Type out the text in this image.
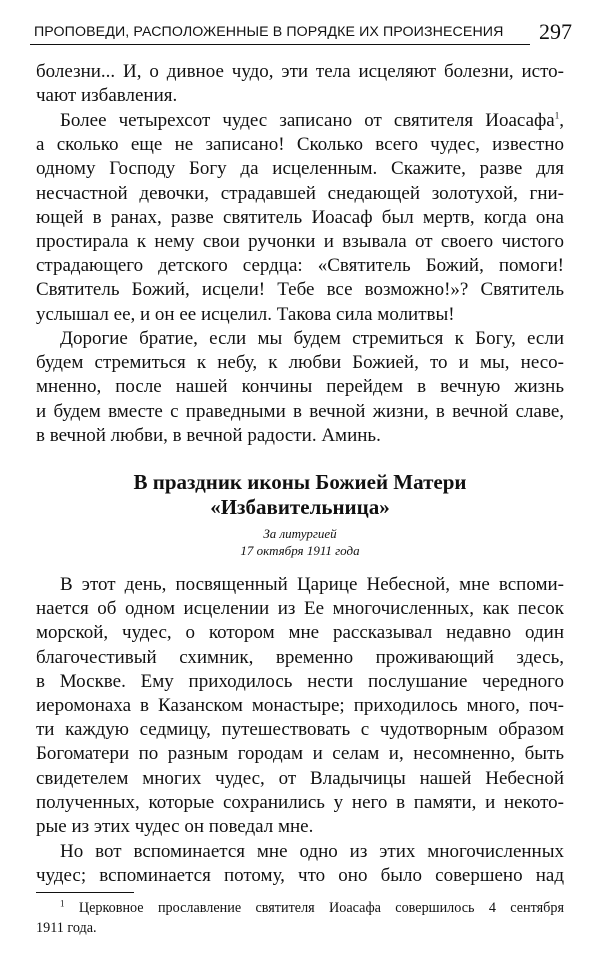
ПРОПОВЕДИ, РАСПОЛОЖЕННЫЕ В ПОРЯДКЕ ИХ ПРОИЗНЕСЕНИЯ 297
болезни... И, о дивное чудо, эти тела исцеляют болезни, исто-
чают избавления.
Более четырехсот чудес записано от святителя Иоасафа$^1$,
а сколько еще не записано! Сколько всего чудес, известно
одному Господу Богу да исцеленным. Скажите, разве для
несчастной девочки, страдавшей снедающей золотухой, гни-
ющей в ранах, разве святитель Иоасаф был мертв, когда она
простирала к нему свои ручонки и взывала от своего чистого
страдающего детского сердца: «Святитель Божий, помоги!
Святитель Божий, исцели! Тебе все возможно!»? Святитель
услышал ее, и он ее исцелил. Такова сила молитвы!
Дорогие братие, если мы будем стремиться к Богу, если
будем стремиться к небу, к любви Божией, то и мы, несо-
мненно, после нашей кончины перейдем в вечную жизнь
и будем вместе с праведными в вечной жизни, в вечной славе,
в вечной любви, в вечной радости. Аминь.
В праздник иконы Божией Матери
«Избавительница»
За литургией
17 октября 1911 года
В этот день, посвященный Царице Небесной, мне вспоми-
нается об одном исцелении из Ее многочисленных, как песок
морской, чудес, о котором мне рассказывал недавно один
благочестивый схимник, временно проживающий здесь,
в Москве. Ему приходилось нести послушание чередного
иеромонаха в Казанском монастыре; приходилось много, поч-
ти каждую седмицу, путешествовать с чудотворным образом
Богоматери по разным городам и селам и, несомненно, быть
свидетелем многих чудес, от Владычицы нашей Небесной
полученных, которые сохранились у него в памяти, и некото-
рые из этих чудес он поведал мне.
Но вот вспоминается мне одно из этих многочисленных
чудес; вспоминается потому, что оно было совершено над
$^1$ Церковное прославление святителя Иоасафа совершилось 4 сентября
1911 года.
